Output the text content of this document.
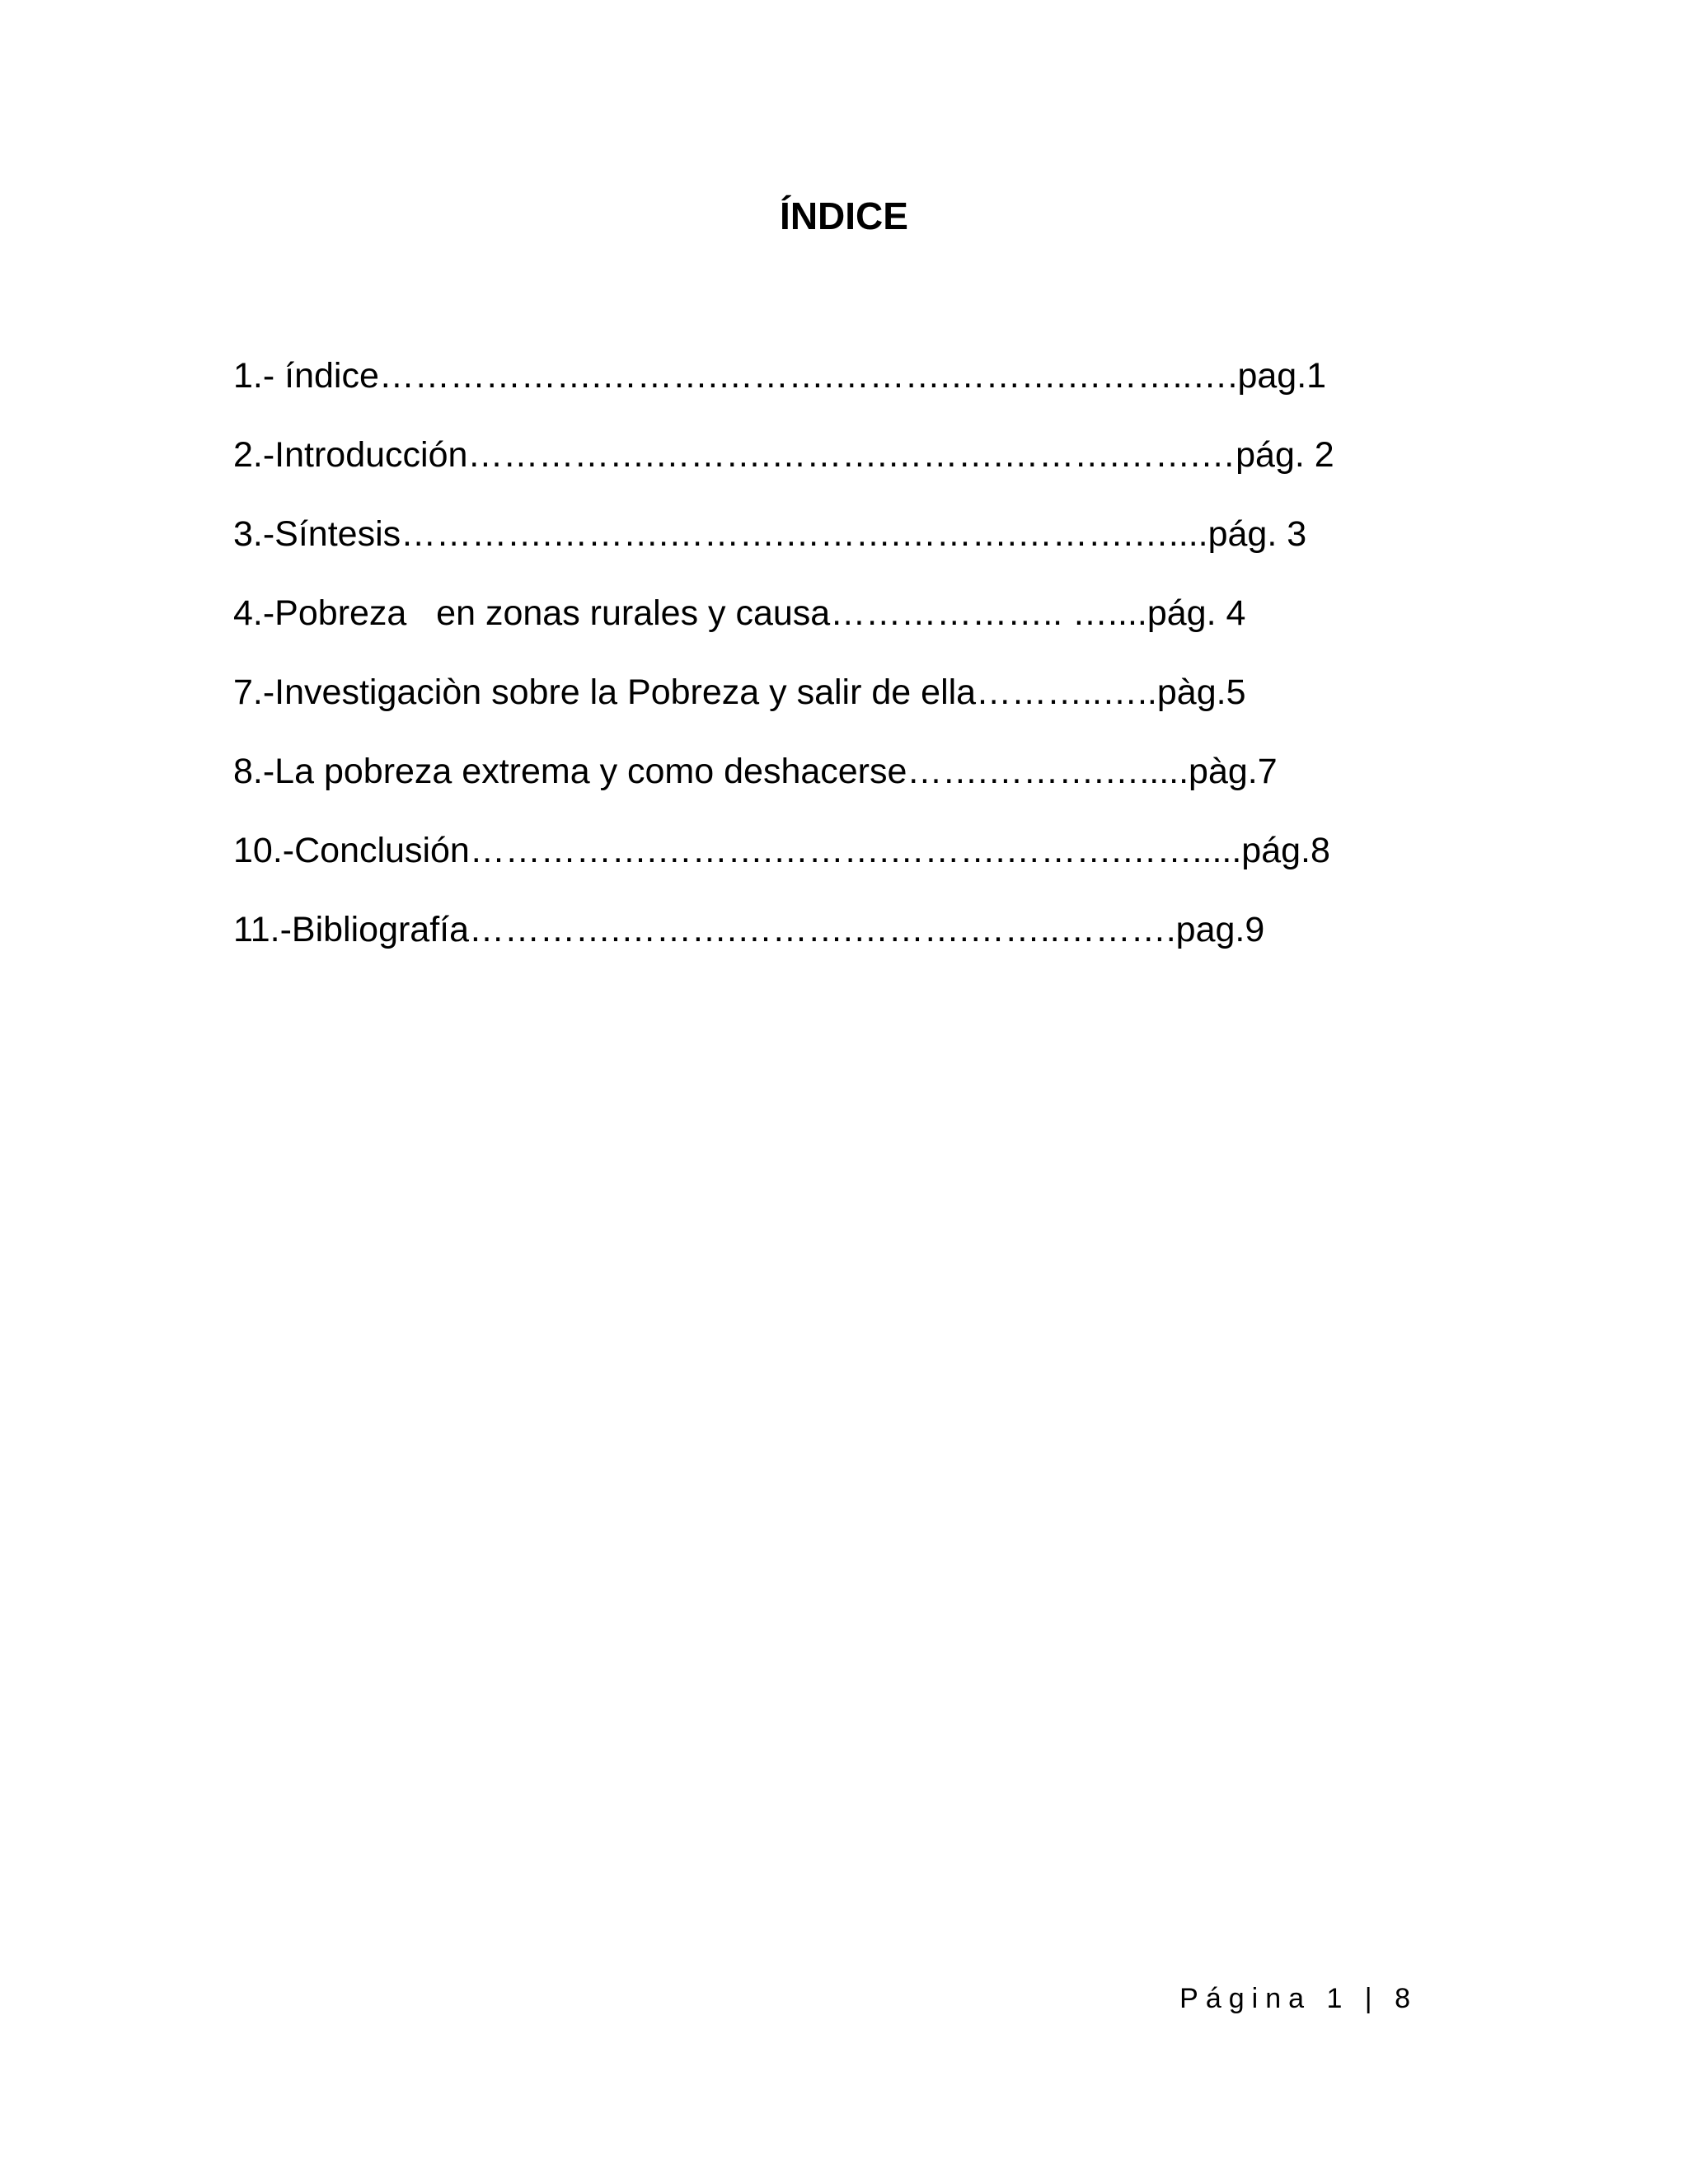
ÍNDICE
1.- índice……………….……….……….……….……….………..….pag.1
2.-Introducción…………….……….……….……….……….…….…pág. 2
3.-Síntesis………….……….……….……….……….……….…....pág. 3
4.-Pobreza   en zonas rurales y causa……………….. …....pág. 4
7.-Investigaciòn sobre la Pobreza y salir de ella………..…..pàg.5
8.-La pobreza extrema y como deshacerse…….……….….....pàg.7
10.-Conclusión…………….……….……….……….……….…….....pág.8
11.-Bibliografía………….……….……….……….……..……….pag.9
Página 1 | 8
